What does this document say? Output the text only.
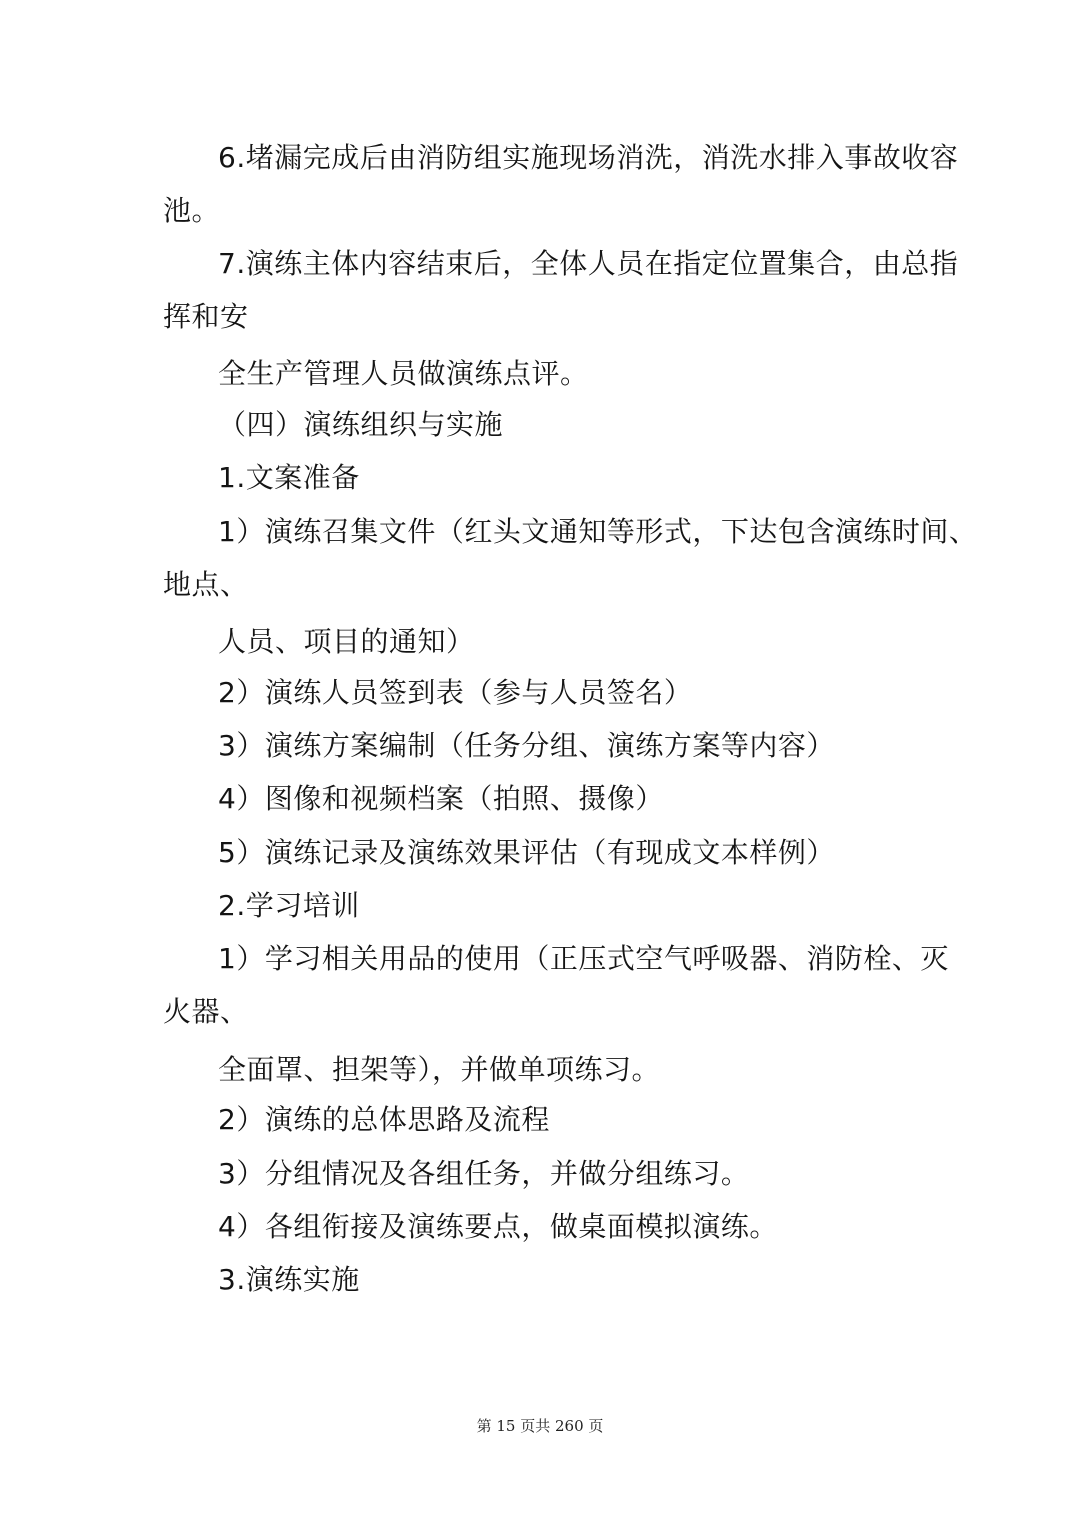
6.堵漏完成后由消防组实施现场消洗，消洗水排入事故收容
池。
7.演练主体内容结束后，全体人员在指定位置集合，由总指
挥和安
全生产管理人员做演练点评。
（四）演练组织与实施
1.文案准备
1）演练召集文件（红头文通知等形式，下达包含演练时间、
地点、
人员、项目的通知）
2）演练人员签到表（参与人员签名）
3）演练方案编制（任务分组、演练方案等内容）
4）图像和视频档案（拍照、摄像）
5）演练记录及演练效果评估（有现成文本样例）
2.学习培训
1）学习相关用品的使用（正压式空气呼吸器、消防栓、灭
火器、
全面罩、担架等），并做单项练习。
2）演练的总体思路及流程
3）分组情况及各组任务，并做分组练习。
4）各组衔接及演练要点，做桌面模拟演练。
3.演练实施
第 15 页共 260 页
